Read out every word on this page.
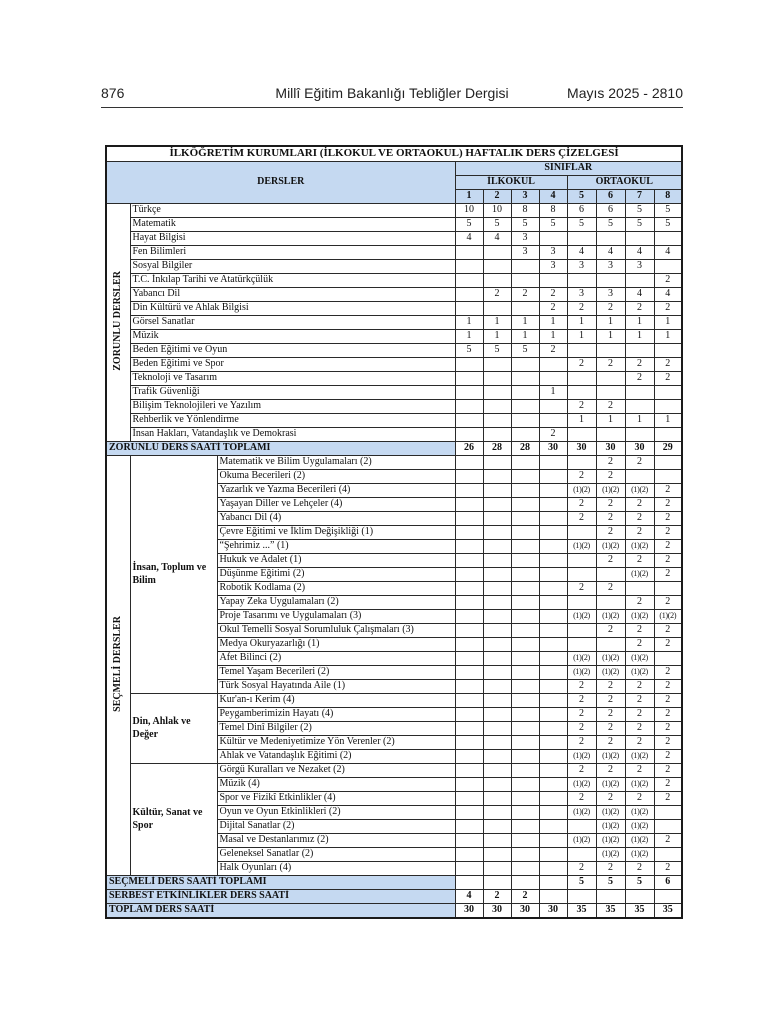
876	Millî Eğitim Bakanlığı Tebliğler Dergisi	Mayıs 2025 - 2810
İLKÖĞRETİM KURUMLARI (İLKOKUL VE ORTAOKUL) HAFTALIK DERS ÇİZELGESİ										
DERSLER			SINIFLAR							
			İLKOKUL				ORTAOKUL			
			1	2	3	4	5	6	7	8
ZORUNLU DERSLER	Türkçe		10	10	8	8	6	6	5	5
	Matematik		5	5	5	5	5	5	5	5
	Hayat Bilgisi		4	4	3					
	Fen Bilimleri				3	3	4	4	4	4
	Sosyal Bilgiler					3	3	3	3	
	T.C. İnkılap Tarihi ve Atatürkçülük									2
	Yabancı Dil			2	2	2	3	3	4	4
	Din Kültürü ve Ahlak Bilgisi					2	2	2	2	2
	Görsel Sanatlar		1	1	1	1	1	1	1	1
	Müzik		1	1	1	1	1	1	1	1
	Beden Eğitimi ve Oyun		5	5	5	2				
	Beden Eğitimi ve Spor						2	2	2	2
	Teknoloji ve Tasarım								2	2
	Trafik Güvenliği					1				
	Bilişim Teknolojileri ve Yazılım						2	2		
	Rehberlik ve Yönlendirme						1	1	1	1
	İnsan Hakları, Vatandaşlık ve Demokrasi					2				
ZORUNLU DERS SAATİ TOPLAMI			26	28	28	30	30	30	30	29
SEÇMELİ DERSLER	İnsan, Toplum ve Bilim	Matematik ve Bilim Uygulamaları (2)						2	2	
		Okuma Becerileri (2)					2	2		
		Yazarlık ve Yazma Becerileri (4)					(1)(2)	(1)(2)	(1)(2)	2
		Yaşayan Diller ve Lehçeler (4)					2	2	2	2
		Yabancı Dil (4)					2	2	2	2
		Çevre Eğitimi ve İklim Değişikliği (1)						2	2	2
		“Şehrimiz ...” (1)					(1)(2)	(1)(2)	(1)(2)	2
		Hukuk ve Adalet (1)						2	2	2
		Düşünme Eğitimi (2)							(1)(2)	2
		Robotik Kodlama (2)					2	2		
		Yapay Zeka Uygulamaları (2)							2	2
		Proje Tasarımı ve Uygulamaları (3)					(1)(2)	(1)(2)	(1)(2)	(1)(2)
		Okul Temelli Sosyal Sorumluluk Çalışmaları (3)						2	2	2
		Medya Okuryazarlığı (1)							2	2
		Afet Bilinci (2)					(1)(2)	(1)(2)	(1)(2)	
		Temel Yaşam Becerileri (2)					(1)(2)	(1)(2)	(1)(2)	2
		Türk Sosyal Hayatında Aile (1)					2	2	2	2
	Din, Ahlak ve Değer	Kur'an-ı Kerim (4)					2	2	2	2
		Peygamberimizin Hayatı (4)					2	2	2	2
		Temel Dinî Bilgiler (2)					2	2	2	2
		Kültür ve Medeniyetimize Yön Verenler (2)					2	2	2	2
		Ahlak ve Vatandaşlık Eğitimi (2)					(1)(2)	(1)(2)	(1)(2)	2
	Kültür, Sanat ve Spor	Görgü Kuralları ve Nezaket (2)					2	2	2	2
		Müzik (4)					(1)(2)	(1)(2)	(1)(2)	2
		Spor ve Fizikî Etkinlikler (4)					2	2	2	2
		Oyun ve Oyun Etkinlikleri (2)					(1)(2)	(1)(2)	(1)(2)	
		Dijital Sanatlar (2)						(1)(2)	(1)(2)	
		Masal ve Destanlarımız (2)					(1)(2)	(1)(2)	(1)(2)	2
		Geleneksel Sanatlar (2)						(1)(2)	(1)(2)	
		Halk Oyunları (4)					2	2	2	2
SEÇMELİ DERS SAATİ TOPLAMI							5	5	5	6
SERBEST ETKİNLİKLER DERS SAATİ			4	2	2					
TOPLAM DERS SAATİ			30	30	30	30	35	35	35	35
